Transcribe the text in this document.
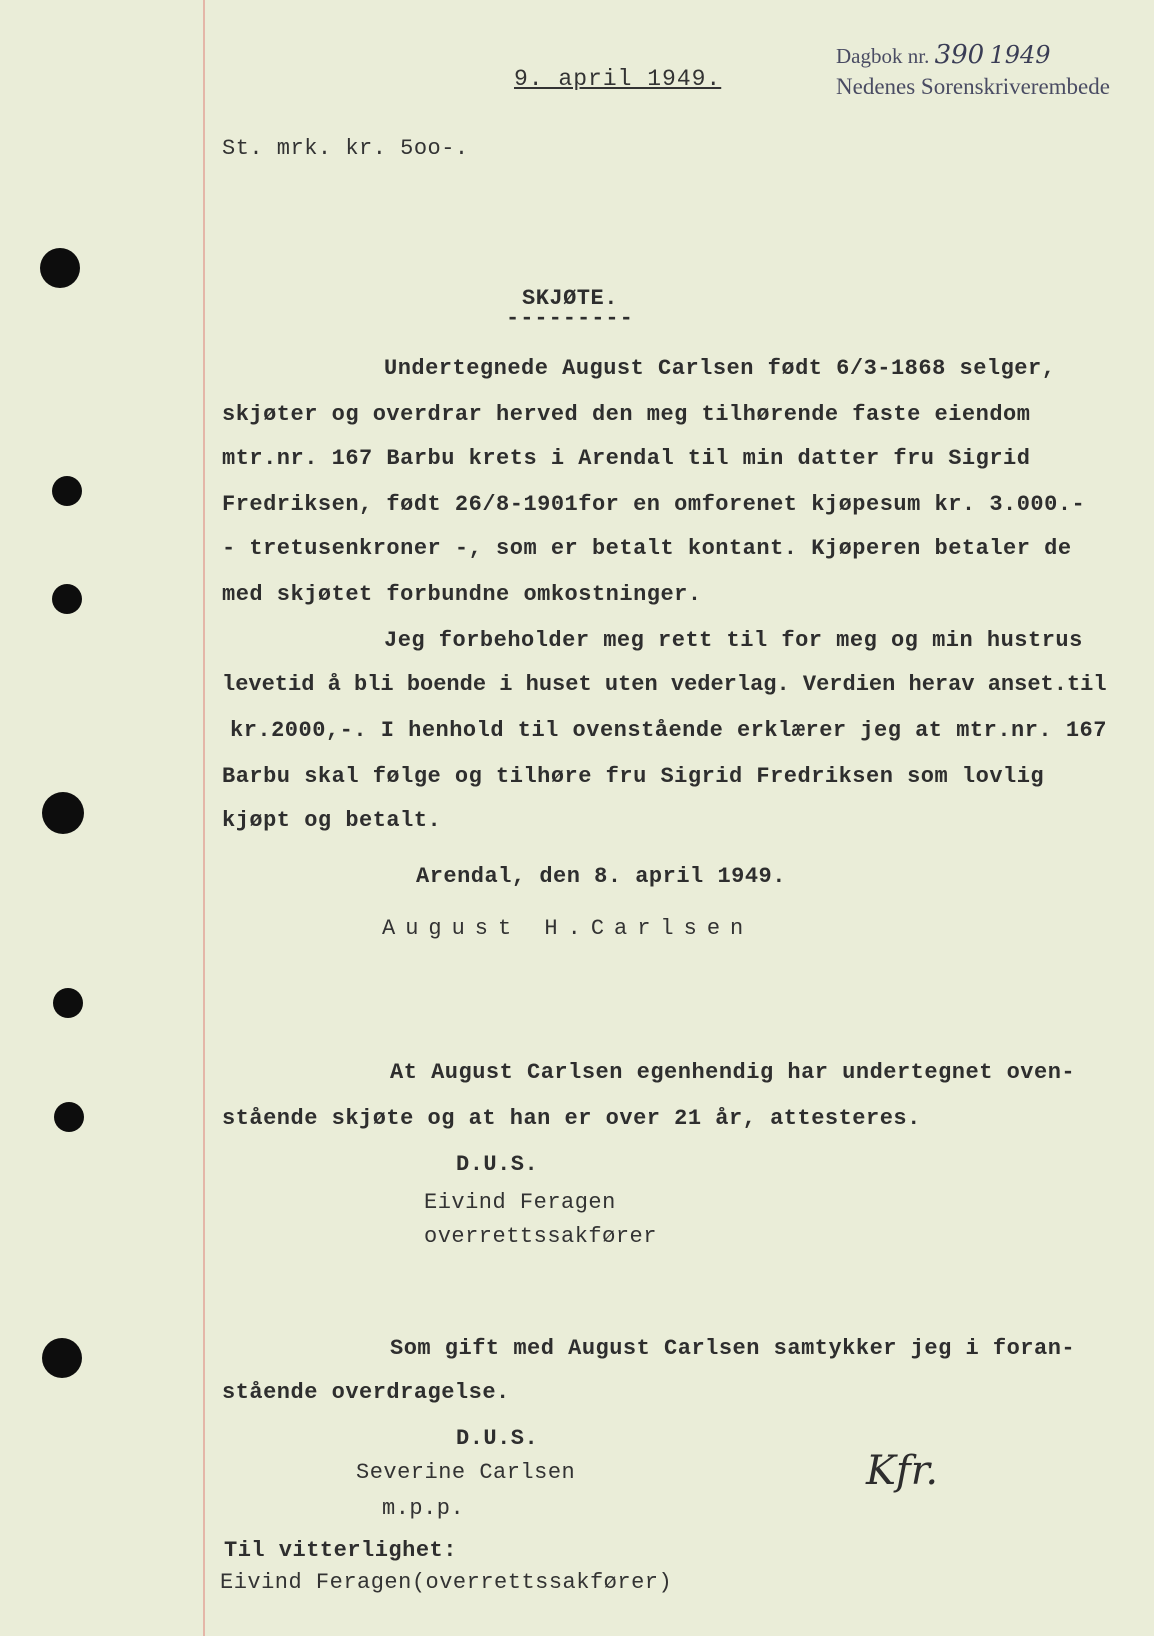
Dagbok nr. 390 1949
Nedenes Sorenskriverembede
9. april 1949.
St. mrk. kr. 5oo-.
SKJØTE.
---------
Undertegnede August Carlsen født 6/3-1868 selger,
skjøter og overdrar herved den meg tilhørende faste eiendom
mtr.nr. 167 Barbu krets i Arendal til min datter fru Sigrid
Fredriksen, født 26/8-1901for en omforenet kjøpesum kr. 3.000.-
- tretusenkroner -, som er betalt kontant. Kjøperen betaler de
med skjøtet forbundne omkostninger.
Jeg forbeholder meg rett til for meg og min hustrus
levetid å bli boende i huset uten vederlag. Verdien herav anset.til
kr.2000,-. I henhold til ovenstående erklærer jeg at mtr.nr. 167
Barbu skal følge og tilhøre fru Sigrid Fredriksen som lovlig
kjøpt og betalt.
Arendal, den 8. april 1949.
August H.Carlsen
At August Carlsen egenhendig har undertegnet oven-
stående skjøte og at han er over 21 år, attesteres.
D.U.S.
Eivind Feragen
overrettssakfører
Som gift med August Carlsen samtykker jeg i foran-
stående overdragelse.
D.U.S.
Severine Carlsen
m.p.p.
Kfr.
Til vitterlighet:
Eivind Feragen(overrettssakfører)
